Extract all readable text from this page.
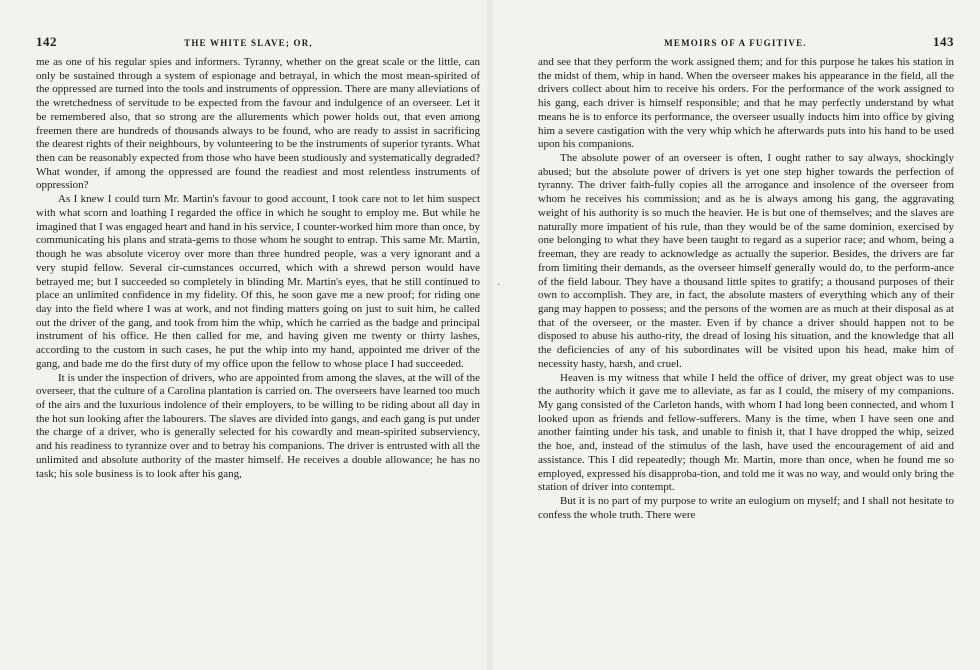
142	THE WHITE SLAVE; OR,

me as one of his regular spies and informers. Tyranny, whether on the great scale or the little, can only be sustained through a system of espionage and betrayal, in which the most mean-spirited of the oppressed are turned into the tools and instruments of oppression. There are many alleviations of the wretchedness of servitude to be expected from the favour and indulgence of an overseer. Let it be remembered also, that so strong are the allurements which power holds out, that even among freemen there are hundreds of thousands always to be found, who are ready to assist in sacrificing the dearest rights of their neighbours, by volunteering to be the instruments of superior tyrants. What then can be reasonably expected from those who have been studiously and systematically degraded? What wonder, if among the oppressed are found the readiest and most relentless instruments of oppression?

As I knew I could turn Mr. Martin's favour to good account, I took care not to let him suspect with what scorn and loathing I regarded the office in which he sought to employ me. But while he imagined that I was engaged heart and hand in his service, I counter-worked him more than once, by communicating his plans and strata-gems to those whom he sought to entrap. This same Mr. Martin, though he was absolute viceroy over more than three hundred people, was a very ignorant and a very stupid fellow. Several cir-cumstances occurred, which with a shrewd person would have betrayed me; but I succeeded so completely in blinding Mr. Martin's eyes, that he still continued to place an unlimited confidence in my fidelity. Of this, he soon gave me a new proof; for riding one day into the field where I was at work, and not finding matters going on just to suit him, he called out the driver of the gang, and took from him the whip, which he carried as the badge and principal instrument of his office. He then called for me, and having given me twenty or thirty lashes, according to the custom in such cases, he put the whip into my hand, appointed me driver of the gang, and bade me do the first duty of my office upon the fellow to whose place I had succeeded.

It is under the inspection of drivers, who are appointed from among the slaves, at the will of the overseer, that the culture of a Carolina plantation is carried on. The overseers have learned too much of the airs and the luxurious indolence of their employers, to be willing to be riding about all day in the hot sun looking after the labourers. The slaves are divided into gangs, and each gang is put under the charge of a driver, who is generally selected for his cowardly and mean-spirited subserviency, and his readiness to tyrannize over and to betray his companions. The driver is entrusted with all the unlimited and absolute authority of the master himself. He receives a double allowance; he has no task; his sole business is to look after his gang,

·
MEMOIRS OF A FUGITIVE.	143

and see that they perform the work assigned them; and for this purpose he takes his station in the midst of them, whip in hand. When the overseer makes his appearance in the field, all the drivers collect about him to receive his orders. For the performance of the work assigned to his gang, each driver is himself responsible; and that he may perfectly understand by what means he is to enforce its performance, the overseer usually inducts him into office by giving him a severe castigation with the very whip which he afterwards puts into his hand to be used upon his companions.

The absolute power of an overseer is often, I ought rather to say always, shockingly abused; but the absolute power of drivers is yet one step higher towards the perfection of tyranny. The driver faith-fully copies all the arrogance and insolence of the overseer from whom he receives his commission; and as he is always among his gang, the aggravating weight of his authority is so much the heavier. He is but one of themselves; and the slaves are naturally more impatient of his rule, than they would be of the same dominion, exercised by one belonging to what they have been taught to regard as a superior race; and whom, being a freeman, they are ready to acknowledge as actually the superior. Besides, the drivers are far from limiting their demands, as the overseer himself generally would do, to the perform-ance of the field labour. They have a thousand little spites to gratify; a thousand purposes of their own to accomplish. They are, in fact, the absolute masters of everything which any of their gang may happen to possess; and the persons of the women are as much at their disposal as at that of the overseer, or the master. Even if by chance a driver should happen not to be disposed to abuse his autho-rity, the dread of losing his situation, and the knowledge that all the deficiencies of any of his subordinates will be visited upon his head, make him of necessity hasty, harsh, and cruel.

Heaven is my witness that while I held the office of driver, my great object was to use the authority which it gave me to alleviate, as far as I could, the misery of my companions. My gang consisted of the Carleton hands, with whom I had long been connected, and whom I looked upon as friends and fellow-sufferers. Many is the time, when I have seen one and another fainting under his task, and unable to finish it, that I have dropped the whip, seized the hoe, and, instead of the stimulus of the lash, have used the encouragement of aid and assistance. This I did repeatedly; though Mr. Martin, more than once, when he found me so employed, expressed his disapproba-tion, and told me it was no way, and would only bring the station of driver into contempt.

But it is no part of my purpose to write an eulogium on myself; and I shall not hesitate to confess the whole truth. There were
